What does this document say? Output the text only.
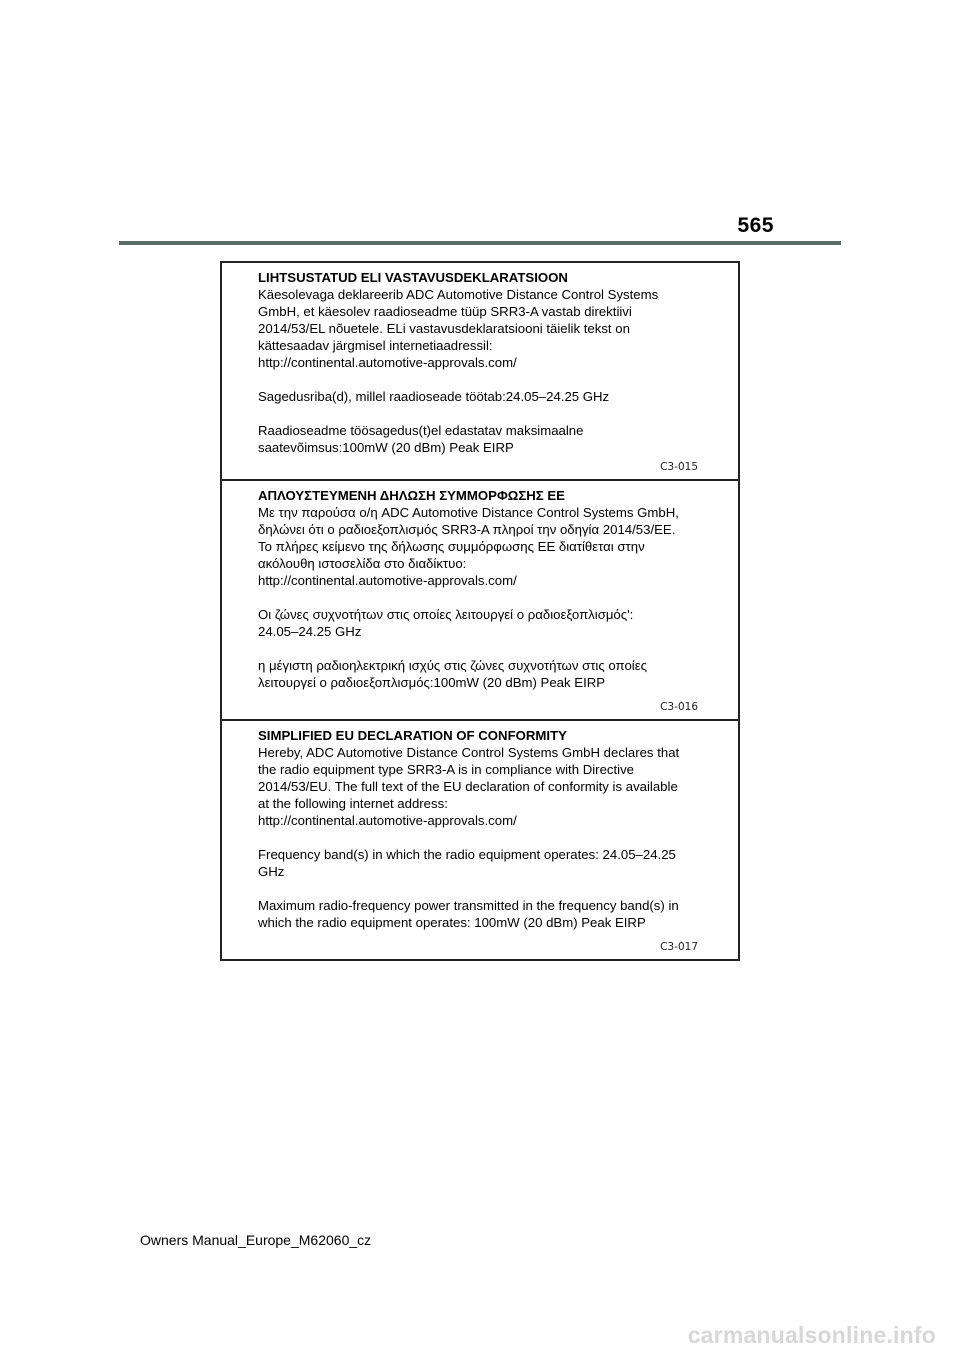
565
LIHTSUSTATUD ELI VASTAVUSDEKLARATSIOON
Käesolevaga deklareerib ADC Automotive Distance Control Systems
GmbH, et käesolev raadioseadme tüüp SRR3-A vastab direktiivi
2014/53/EL nõuetele. ELi vastavusdeklaratsiooni täielik tekst on
kättesaadav järgmisel internetiaadressil:
http://continental.automotive-approvals.com/
Sagedusriba(d), millel raadioseade töötab:24.05–24.25 GHz
Raadioseadme töösagedus(t)el edastatav maksimaalne
saatevõimsus:100mW (20 dBm) Peak EIRP
C3-015
ΑΠΛΟΥΣΤΕΥΜΕΝΗ ΔΗΛΩΣΗ ΣΥΜΜΟΡΦΩΣΗΣ ΕΕ
Με την παρούσα ο/η ADC Automotive Distance Control Systems GmbH,
δηλώνει ότι ο ραδιοεξοπλισμός SRR3-A πληροί την οδηγία 2014/53/ΕΕ.
Το πλήρες κείμενο της δήλωσης συμμόρφωσης ΕΕ διατίθεται στην
ακόλουθη ιστοσελίδα στο διαδίκτυο:
http://continental.automotive-approvals.com/
Οι ζώνες συχνοτήτων στις οποίες λειτουργεί ο ραδιοεξοπλισμός':
24.05–24.25 GHz
η μέγιστη ραδιοηλεκτρική ισχύς στις ζώνες συχνοτήτων στις οποίες
λειτουργεί ο ραδιοεξοπλισμός:100mW (20 dBm) Peak EIRP
C3-016
SIMPLIFIED EU DECLARATION OF CONFORMITY
Hereby, ADC Automotive Distance Control Systems GmbH declares that
the radio equipment type SRR3-A is in compliance with Directive
2014/53/EU. The full text of the EU declaration of conformity is available
at the following internet address:
http://continental.automotive-approvals.com/
Frequency band(s) in which the radio equipment operates: 24.05–24.25
GHz
Maximum radio-frequency power transmitted in the frequency band(s) in
which the radio equipment operates: 100mW (20 dBm) Peak EIRP
C3-017
Owners Manual_Europe_M62060_cz
carmanualsonline.info
